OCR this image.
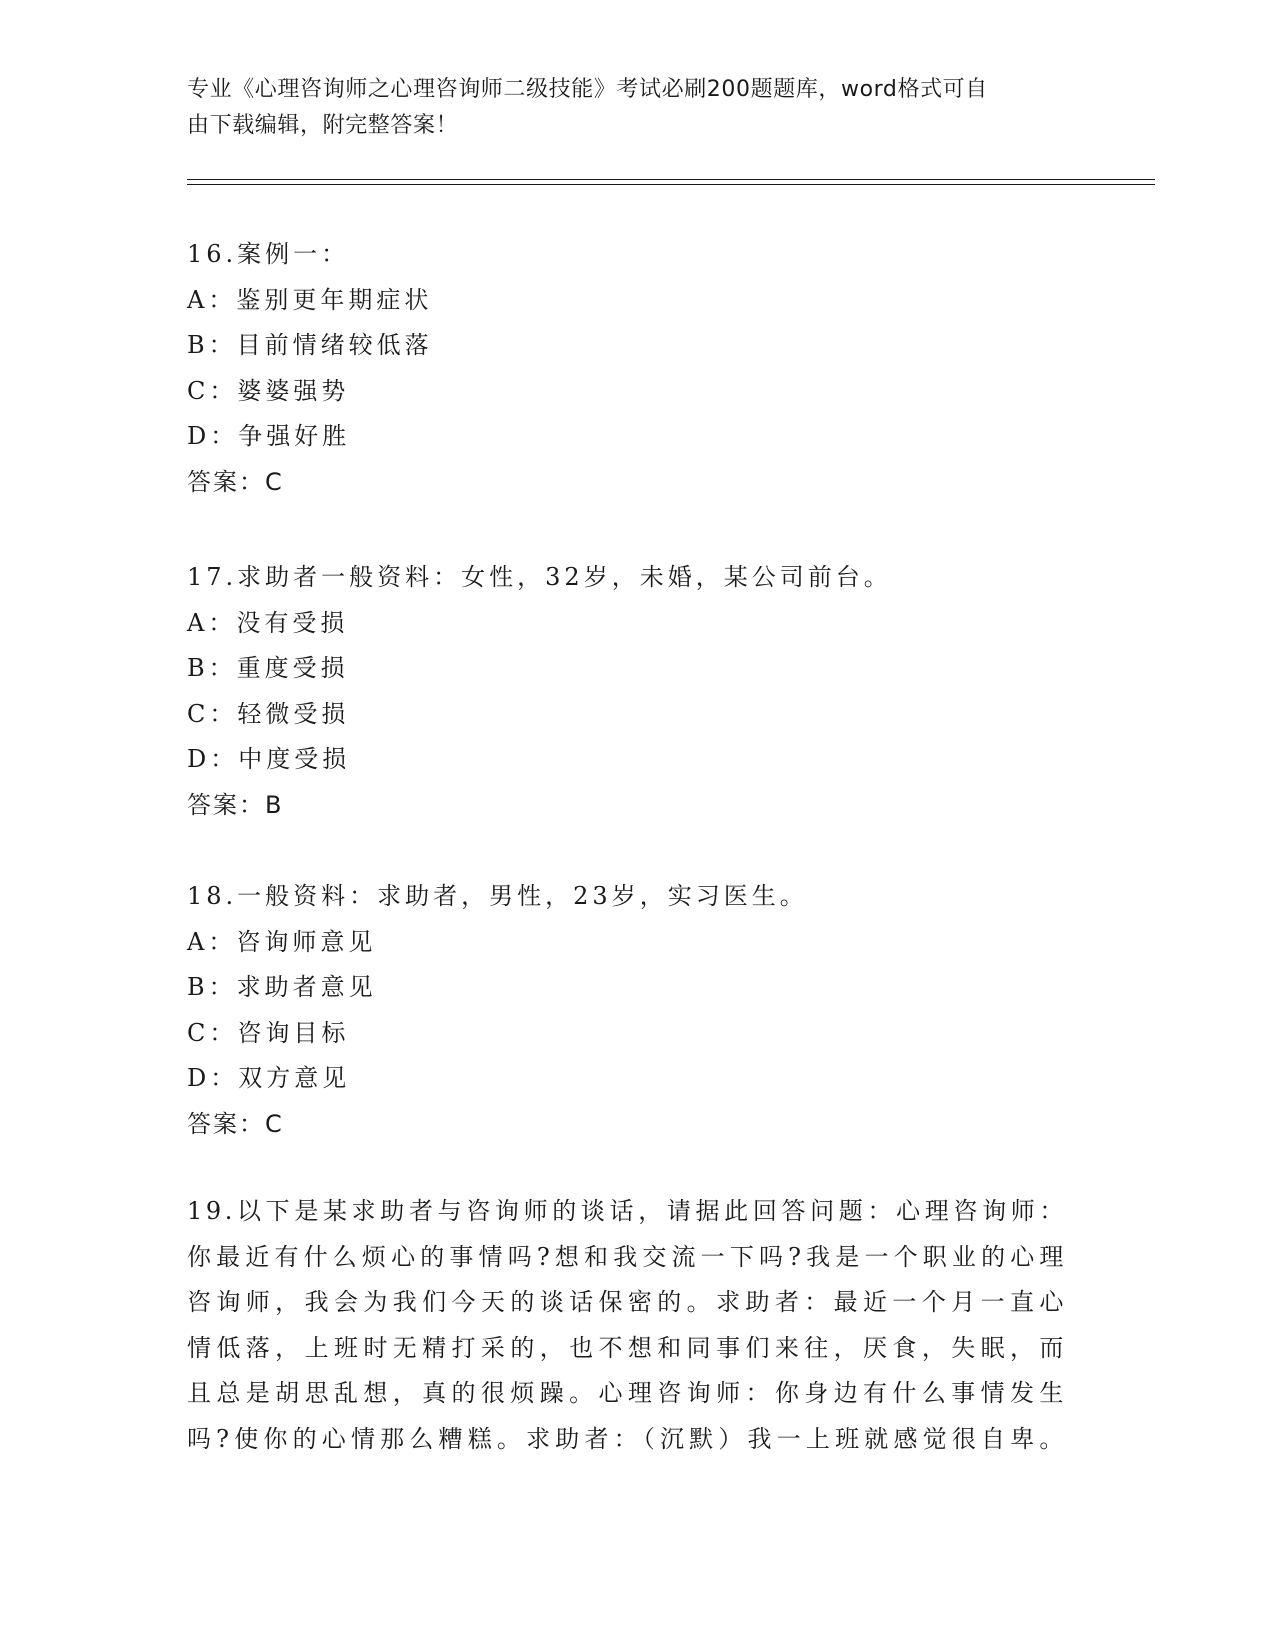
专业《心理咨询师之心理咨询师二级技能》考试必刷200题题库，word格式可自
由下载编辑，附完整答案！
16.案例一：
A：鉴别更年期症状
B：目前情绪较低落
C：婆婆强势
D：争强好胜
答案：C
17.求助者一般资料：女性，32岁，未婚，某公司前台。
A：没有受损
B：重度受损
C：轻微受损
D：中度受损
答案：B
18.一般资料：求助者，男性，23岁，实习医生。
A：咨询师意见
B：求助者意见
C：咨询目标
D：双方意见
答案：C
19.以下是某求助者与咨询师的谈话，请据此回答问题：心理咨询师：
你最近有什么烦心的事情吗?想和我交流一下吗?我是一个职业的心理
咨询师，我会为我们今天的谈话保密的。求助者：最近一个月一直心
情低落，上班时无精打采的，也不想和同事们来往，厌食，失眠，而
且总是胡思乱想，真的很烦躁。心理咨询师：你身边有什么事情发生
吗?使你的心情那么糟糕。求助者：（沉默）我一上班就感觉很自卑。
